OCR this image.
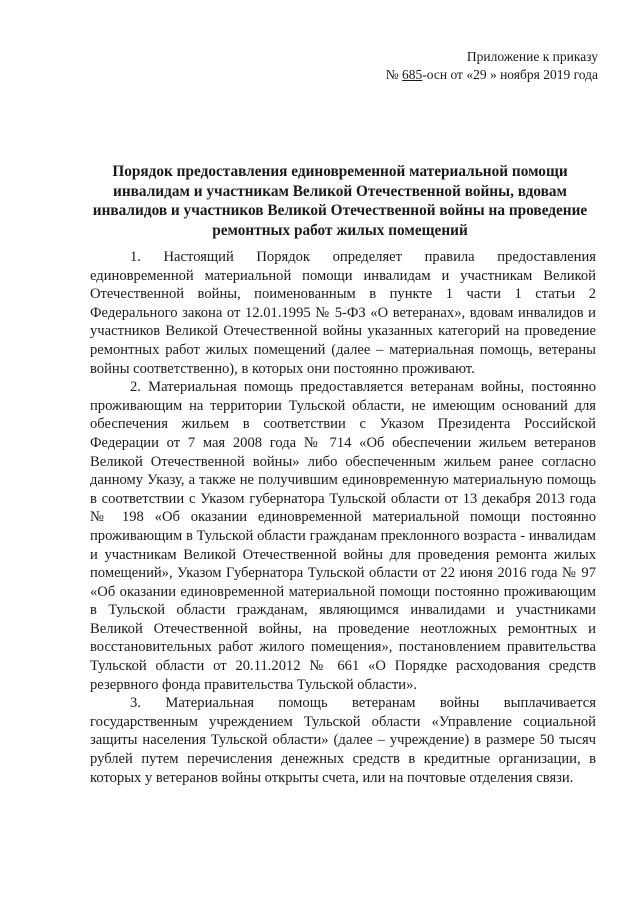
Приложение к приказу
№ 685-осн от «29 » ноября 2019 года
Порядок предоставления единовременной материальной помощи
инвалидам и участникам Великой Отечественной войны, вдовам
инвалидов и участников Великой Отечественной войны на проведение
ремонтных работ жилых помещений

1. Настоящий Порядок определяет правила предоставления единовременной материальной помощи инвалидам и участникам Великой Отечественной войны, поименованным в пункте 1 части 1 статьи 2 Федерального закона от 12.01.1995 № 5-ФЗ «О ветеранах», вдовам инвалидов и участников Великой Отечественной войны указанных категорий на проведение ремонтных работ жилых помещений (далее – материальная помощь, ветераны войны соответственно), в которых они постоянно проживают.

2. Материальная помощь предоставляется ветеранам войны, постоянно проживающим на территории Тульской области, не имеющим оснований для обеспечения жильем в соответствии с Указом Президента Российской Федерации от 7 мая 2008 года № 714 «Об обеспечении жильем ветеранов Великой Отечественной войны» либо обеспеченным жильем ранее согласно данному Указу, а также не получившим единовременную материальную помощь в соответствии с Указом губернатора Тульской области от 13 декабря 2013 года № 198 «Об оказании единовременной материальной помощи постоянно проживающим в Тульской области гражданам преклонного возраста - инвалидам и участникам Великой Отечественной войны для проведения ремонта жилых помещений», Указом Губернатора Тульской области от 22 июня 2016 года № 97 «Об оказании единовременной материальной помощи постоянно проживающим в Тульской области гражданам, являющимся инвалидами и участниками Великой Отечественной войны, на проведение неотложных ремонтных и восстановительных работ жилого помещения», постановлением правительства Тульской области от 20.11.2012 № 661 «О Порядке расходования средств резервного фонда правительства Тульской области».

3. Материальная помощь ветеранам войны выплачивается государственным учреждением Тульской области «Управление социальной защиты населения Тульской области» (далее – учреждение) в размере 50 тысяч рублей путем перечисления денежных средств в кредитные организации, в которых у ветеранов войны открыты счета, или на почтовые отделения связи.
